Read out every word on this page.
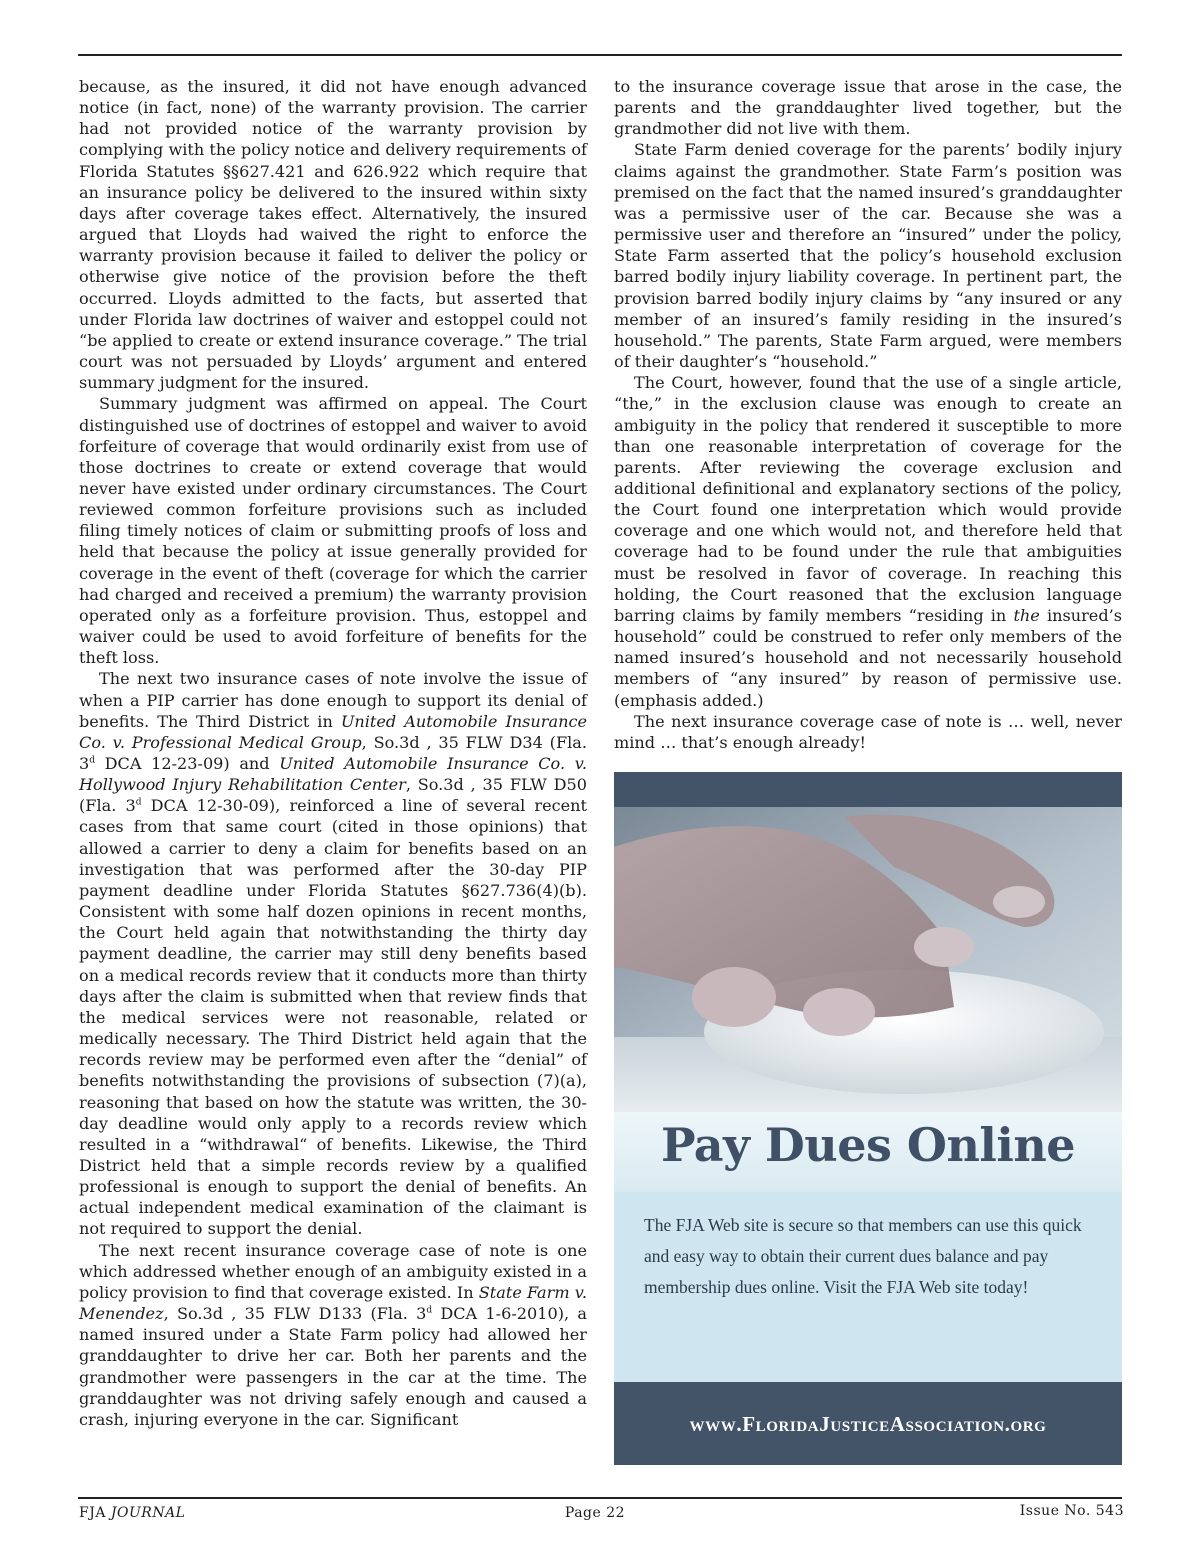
because, as the insured, it did not have enough advanced notice (in fact, none) of the warranty provision. The carrier had not provided notice of the warranty provision by complying with the policy notice and delivery requirements of Florida Statutes §§627.421 and 626.922 which require that an insurance policy be delivered to the insured within sixty days after coverage takes effect. Alternatively, the insured argued that Lloyds had waived the right to enforce the warranty provision because it failed to deliver the policy or otherwise give notice of the provision before the theft occurred. Lloyds admitted to the facts, but asserted that under Florida law doctrines of waiver and estoppel could not “be applied to create or extend insurance coverage.” The trial court was not persuaded by Lloyds’ argument and entered summary judgment for the insured.

Summary judgment was affirmed on appeal. The Court distinguished use of doctrines of estoppel and waiver to avoid forfeiture of coverage that would ordinarily exist from use of those doctrines to create or extend coverage that would never have existed under ordinary circumstances. The Court reviewed common forfeiture provisions such as included filing timely notices of claim or submitting proofs of loss and held that because the policy at issue generally provided for coverage in the event of theft (coverage for which the carrier had charged and received a premium) the warranty provision operated only as a forfeiture provision. Thus, estoppel and waiver could be used to avoid forfeiture of benefits for the theft loss.

The next two insurance cases of note involve the issue of when a PIP carrier has done enough to support its denial of benefits. The Third District in United Automobile Insurance Co. v. Professional Medical Group, So.3d , 35 FLW D34 (Fla. 3$^d$ DCA 12-23-09) and United Automobile Insurance Co. v. Hollywood Injury Rehabilitation Center, So.3d , 35 FLW D50 (Fla. 3$^d$ DCA 12-30-09), reinforced a line of several recent cases from that same court (cited in those opinions) that allowed a carrier to deny a claim for benefits based on an investigation that was performed after the 30-day PIP payment deadline under Florida Statutes §627.736(4)(b). Consistent with some half dozen opinions in recent months, the Court held again that notwithstanding the thirty day payment deadline, the carrier may still deny benefits based on a medical records review that it conducts more than thirty days after the claim is submitted when that review finds that the medical services were not reasonable, related or medically necessary. The Third District held again that the records review may be performed even after the “denial” of benefits notwithstanding the provisions of subsection (7)(a), reasoning that based on how the statute was written, the 30-day deadline would only apply to a records review which resulted in a “withdrawal“ of benefits. Likewise, the Third District held that a simple records review by a qualified professional is enough to support the denial of benefits. An actual independent medical examination of the claimant is not required to support the denial.

The next recent insurance coverage case of note is one which addressed whether enough of an ambiguity existed in a policy provision to find that coverage existed. In State Farm v. Menendez, So.3d , 35 FLW D133 (Fla. 3$^d$ DCA 1-6-2010), a named insured under a State Farm policy had allowed her granddaughter to drive her car. Both her parents and the grandmother were passengers in the car at the time. The granddaughter was not driving safely enough and caused a crash, injuring everyone in the car. Significant

to the insurance coverage issue that arose in the case, the parents and the granddaughter lived together, but the grandmother did not live with them.

State Farm denied coverage for the parents’ bodily injury claims against the grandmother. State Farm’s position was premised on the fact that the named insured’s granddaughter was a permissive user of the car. Because she was a permissive user and therefore an “insured” under the policy, State Farm asserted that the policy’s household exclusion barred bodily injury liability coverage. In pertinent part, the provision barred bodily injury claims by “any insured or any member of an insured’s family residing in the insured’s household.” The parents, State Farm argued, were members of their daughter’s “household.”

The Court, however, found that the use of a single article, “the,” in the exclusion clause was enough to create an ambiguity in the policy that rendered it susceptible to more than one reasonable interpretation of coverage for the parents. After reviewing the coverage exclusion and additional definitional and explanatory sections of the policy, the Court found one interpretation which would provide coverage and one which would not, and therefore held that coverage had to be found under the rule that ambiguities must be resolved in favor of coverage. In reaching this holding, the Court reasoned that the exclusion language barring claims by family members “residing in the insured’s household” could be construed to refer only members of the named insured’s household and not necessarily household members of “any insured” by reason of permissive use. (emphasis added.)

The next insurance coverage case of note is … well, never mind … that’s enough already!

Pay Dues Online
The FJA Web site is secure so that members can use this quick and easy way to obtain their current dues balance and pay membership dues online. Visit the FJA Web site today!
www.FloridaJusticeAssociation.org
FJA JOURNAL	Page 22	Issue No. 543
